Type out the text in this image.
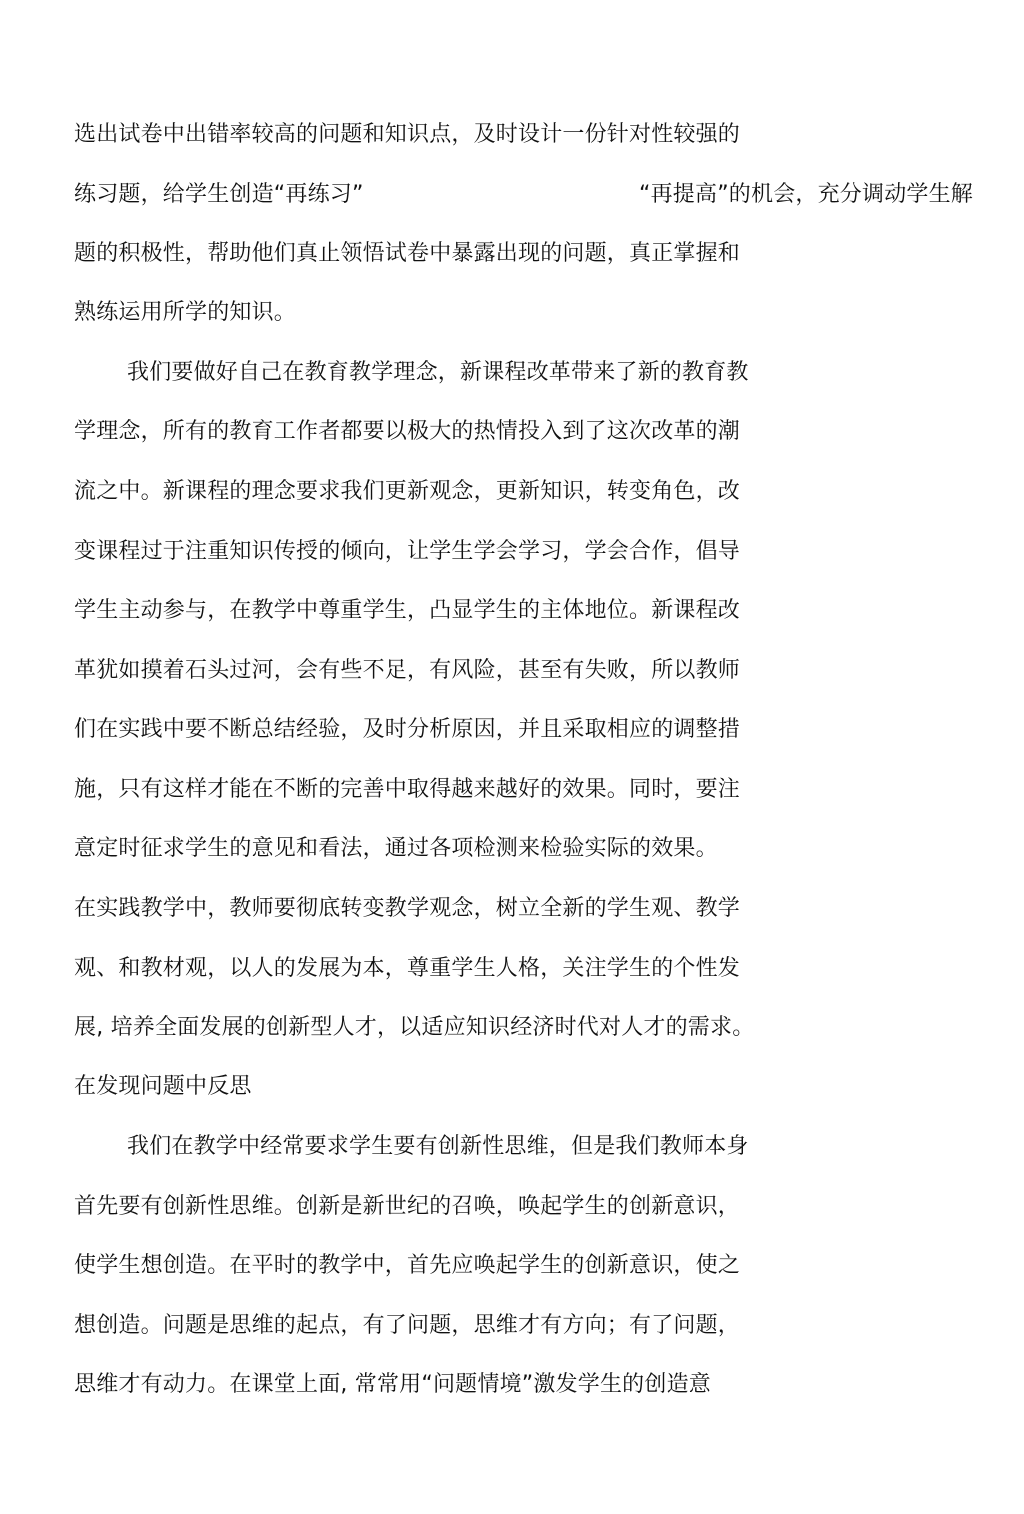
选出试卷中出错率较高的问题和知识点，及时设计一份针对性较强的
练习题，给学生创造“再练习”	“再提高”的机会，充分调动学生解
题的积极性，帮助他们真止领悟试卷中暴露出现的问题，真正掌握和
熟练运用所学的知识。
我们要做好自己在教育教学理念，新课程改革带来了新的教育教
学理念，所有的教育工作者都要以极大的热情投入到了这次改革的潮
流之中。新课程的理念要求我们更新观念，更新知识，转变角色，改
变课程过于注重知识传授的倾向，让学生学会学习，学会合作，倡导
学生主动参与，在教学中尊重学生，凸显学生的主体地位。新课程改
革犹如摸着石头过河，会有些不足，有风险，甚至有失败，所以教师
们在实践中要不断总结经验，及时分析原因，并且采取相应的调整措
施，只有这样才能在不断的完善中取得越来越好的效果。同时，要注
意定时征求学生的意见和看法，通过各项检测来检验实际的效果。
在实践教学中，教师要彻底转变教学观念，树立全新的学生观、教学
观、和教材观，以人的发展为本，尊重学生人格，关注学生的个性发
展, 培养全面发展的创新型人才，以适应知识经济时代对人才的需求。
在发现问题中反思
我们在教学中经常要求学生要有创新性思维，但是我们教师本身
首先要有创新性思维。创新是新世纪的召唤，唤起学生的创新意识，
使学生想创造。在平时的教学中，首先应唤起学生的创新意识，使之
想创造。问题是思维的起点，有了问题，思维才有方向；有了问题，
思维才有动力。在课堂上面, 常常用“问题情境”激发学生的创造意
